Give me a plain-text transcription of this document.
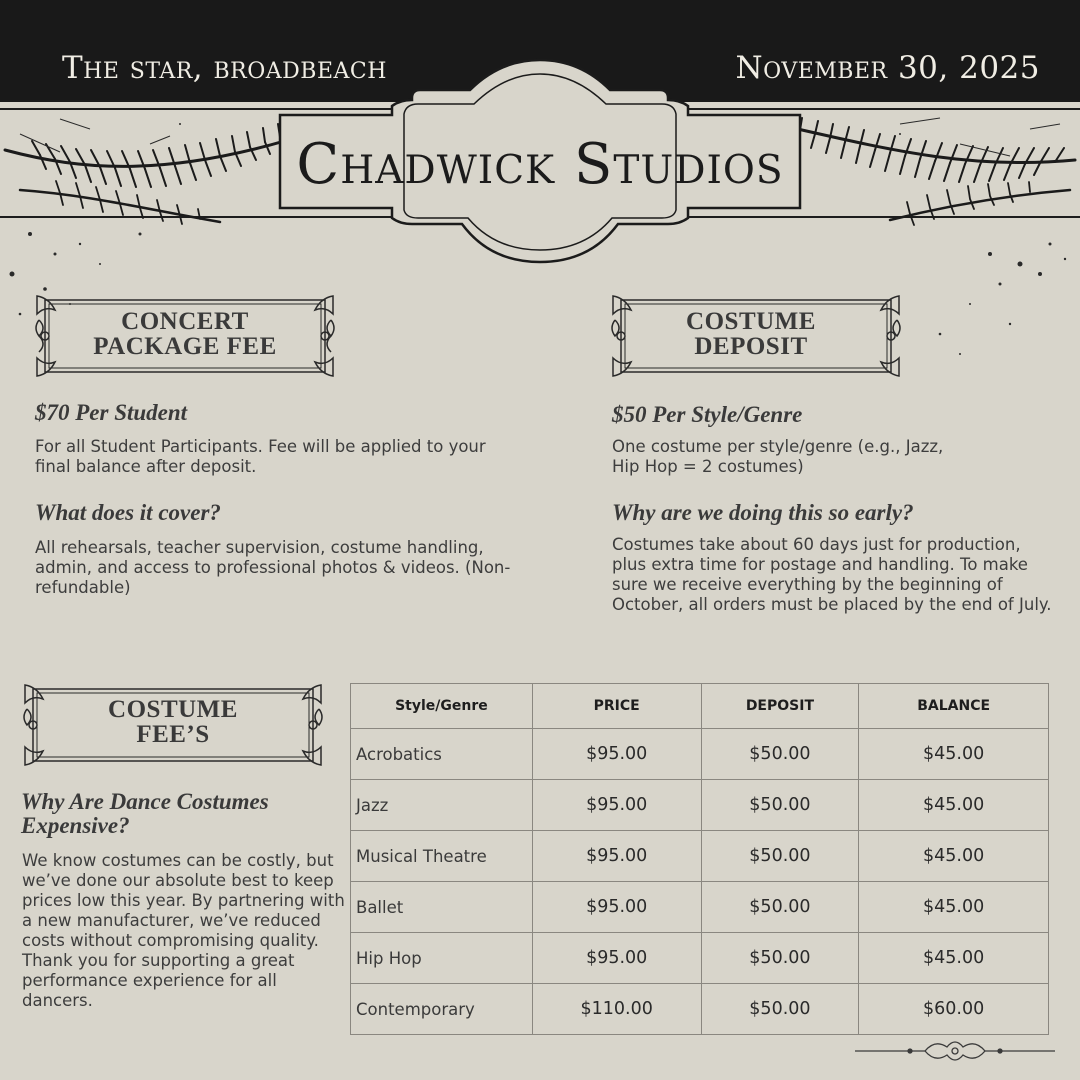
The star, broadbeach	November 30, 2025
Chadwick Studios
CONCERT
PACKAGE FEE
COSTUME
DEPOSIT
COSTUME
FEE’S
$70 Per Student

For all Student Participants. Fee will be applied to your final balance after deposit.

What does it cover?

All rehearsals, teacher supervision, costume handling, admin, and access to professional photos & videos. (Non-refundable)

$50 Per Style/Genre
One costume per style/genre (e.g., Jazz,
Hip Hop = 2 costumes)
Why are we doing this so early?

Costumes take about 60 days just for production, plus extra time for postage and handling. To make sure we receive everything by the beginning of October, all orders must be placed by the end of July.

Why Are Dance Costumes Expensive?

We know costumes can be costly, but we’ve done our absolute best to keep prices low this year. By partnering with a new manufacturer, we’ve reduced costs without compromising quality. Thank you for supporting a great performance experience for all dancers.

Style/Genre	PRICE	DEPOSIT	BALANCE
Acrobatics	$95.00	$50.00	$45.00
Jazz	$95.00	$50.00	$45.00
Musical Theatre	$95.00	$50.00	$45.00
Ballet	$95.00	$50.00	$45.00
Hip Hop	$95.00	$50.00	$45.00
Contemporary	$110.00	$50.00	$60.00
